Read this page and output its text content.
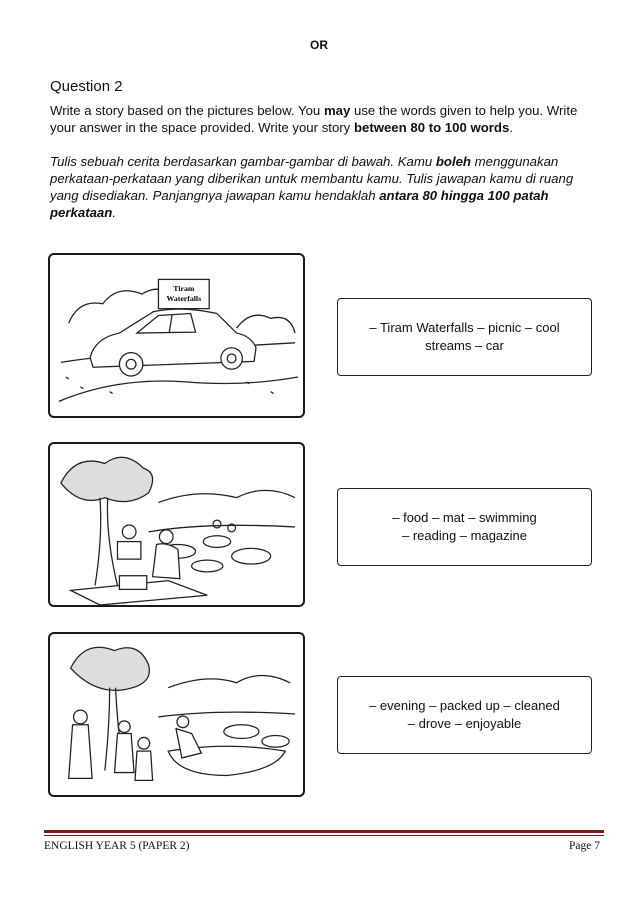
OR
Question 2
Write a story based on the pictures below. You may use the words given to help you. Write your answer in the space provided. Write your story between 80 to 100 words.
Tulis sebuah cerita berdasarkan gambar-gambar di bawah. Kamu boleh menggunakan perkataan-perkataan yang diberikan untuk membantu kamu. Tulis jawapan kamu di ruang yang disediakan. Panjangnya jawapan kamu hendaklah antara 80 hingga 100 patah perkataan.
Tiram
Waterfalls
– Tiram Waterfalls – picnic – cool
streams – car
– food – mat – swimming
– reading – magazine
– evening – packed up – cleaned
– drove – enjoyable
ENGLISH YEAR 5 (PAPER 2)	Page 7
